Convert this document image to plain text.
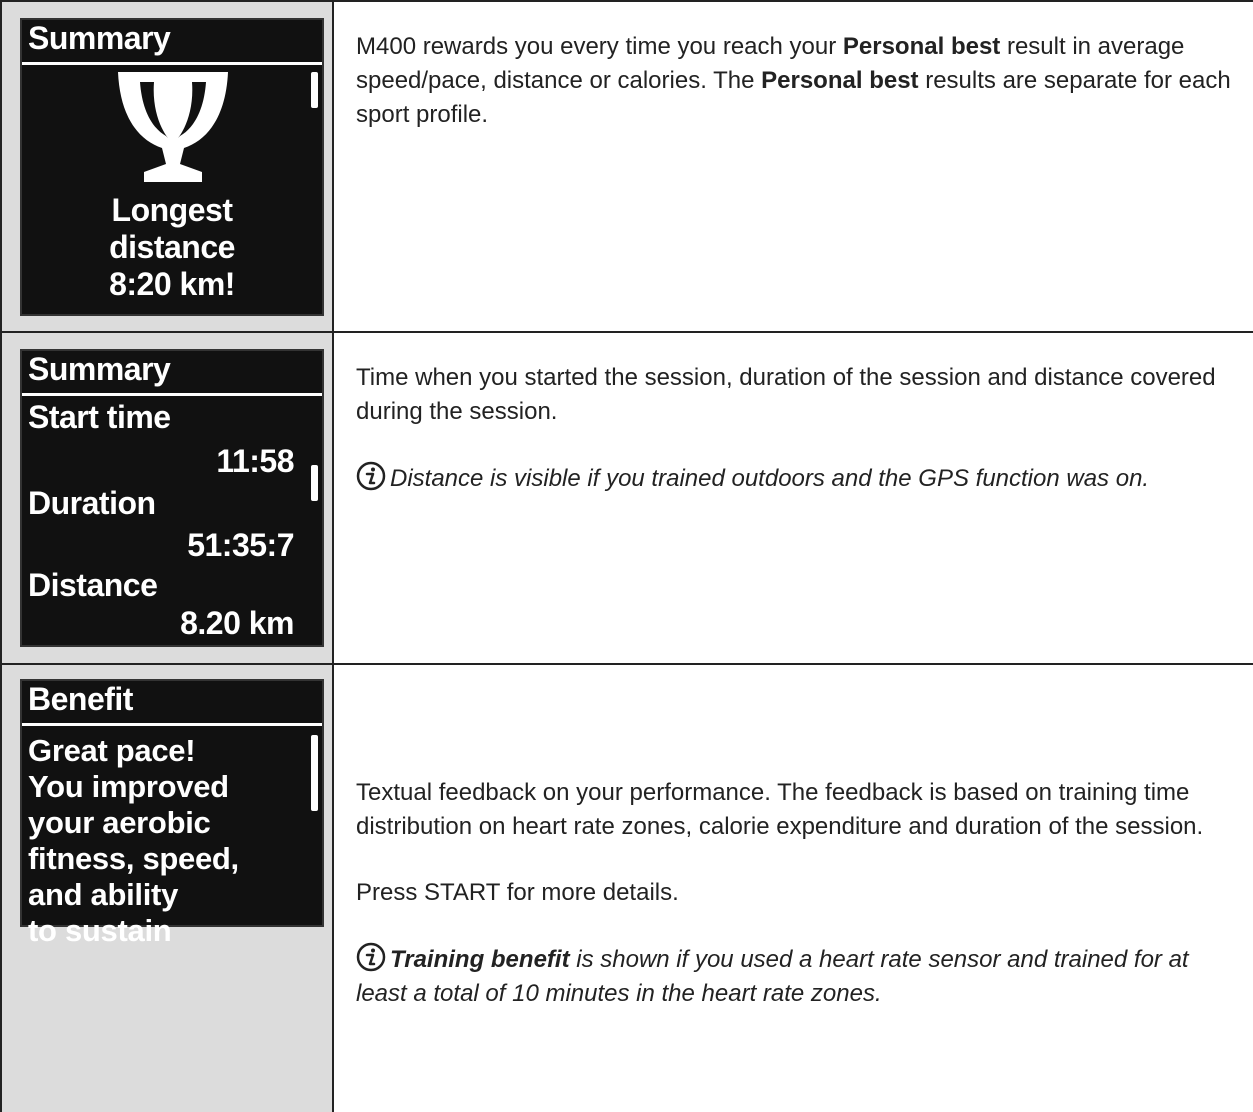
Summary
Longest
distance
8:20 km!

M400 rewards you every time you reach your Personal best result in average speed/pace, distance or calories. The Personal best results are separate for each sport profile.

Summary
Start time
11:58
Duration
51:35:7
Distance
8.20 km

Time when you started the session, duration of the session and distance covered during the session.

Distance is visible if you trained outdoors and the GPS function was on.

Benefit
Great pace!
You improved
your aerobic
fitness, speed,
and ability
to sustain

Textual feedback on your performance. The feedback is based on training time distribution on heart rate zones, calorie expenditure and duration of the session.

Press START for more details.

Training benefit is shown if you used a heart rate sensor and trained for at least a total of 10 minutes in the heart rate zones.
